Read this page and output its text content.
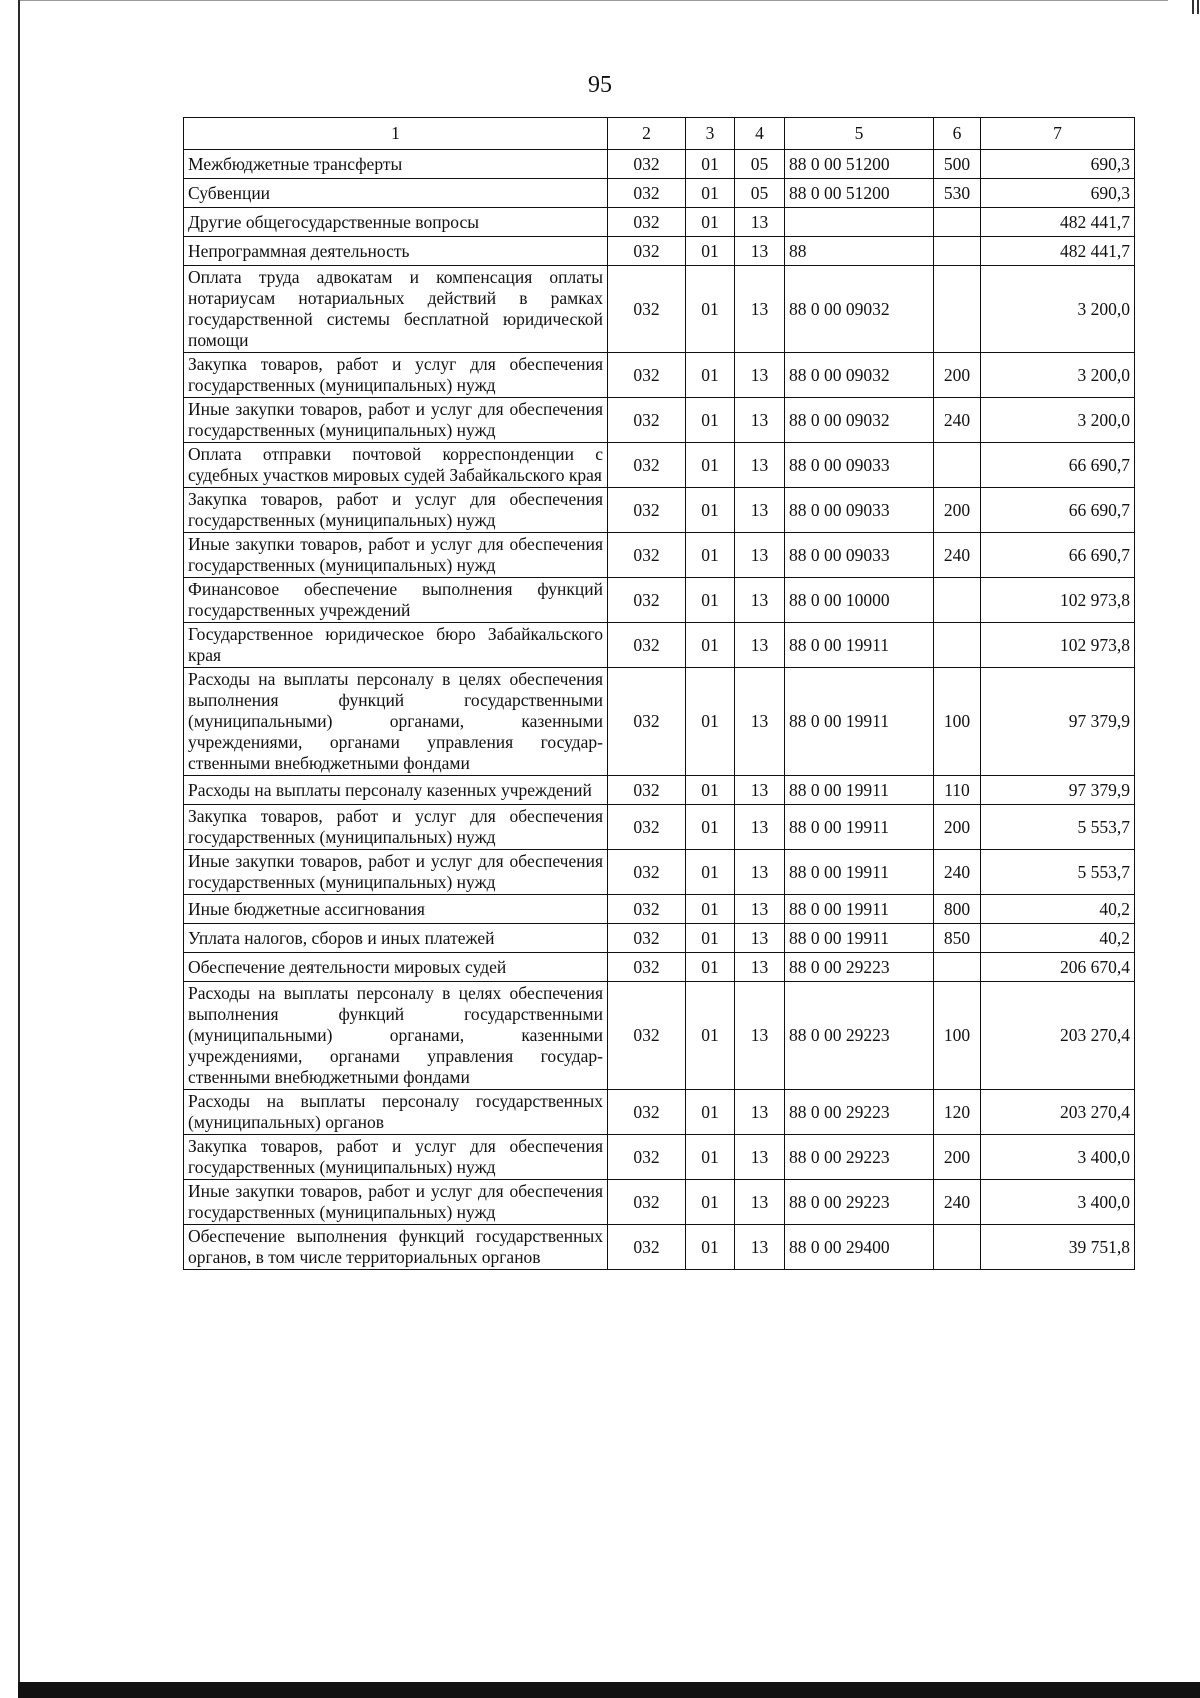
95
1	2	3	4	5	6	7
Межбюджетные трансферты	032	01	05	88 0 00 51200	500	690,3
Субвенции	032	01	05	88 0 00 51200	530	690,3
Другие общегосударственные вопросы	032	01	13			482 441,7
Непрограммная деятельность	032	01	13	88		482 441,7
Оплата труда адвокатам и компенсация оплаты нотариусам нотариальных действий в рамках государственной системы бесплатной юридической помощи	032	01	13	88 0 00 09032		3 200,0
Закупка товаров, работ и услуг для обеспечения государственных (муниципальных) нужд	032	01	13	88 0 00 09032	200	3 200,0
Иные закупки товаров, работ и услуг для обеспечения государственных (муниципальных) нужд	032	01	13	88 0 00 09032	240	3 200,0
Оплата отправки почтовой корреспонденции с судебных участков мировых судей Забайкальского края	032	01	13	88 0 00 09033		66 690,7
Закупка товаров, работ и услуг для обеспечения государственных (муниципальных) нужд	032	01	13	88 0 00 09033	200	66 690,7
Иные закупки товаров, работ и услуг для обеспечения государственных (муниципальных) нужд	032	01	13	88 0 00 09033	240	66 690,7
Финансовое обеспечение выполнения функций государственных учреждений	032	01	13	88 0 00 10000		102 973,8
Государственное юридическое бюро Забайкальского края	032	01	13	88 0 00 19911		102 973,8
Расходы на выплаты персоналу в целях обеспечения выполнения функций государственными (муниципальными) органами, казенными учреждениями, органами управления государственными внебюджетными фондами	032	01	13	88 0 00 19911	100	97 379,9
Расходы на выплаты персоналу казенных учреждений	032	01	13	88 0 00 19911	110	97 379,9
Закупка товаров, работ и услуг для обеспечения государственных (муниципальных) нужд	032	01	13	88 0 00 19911	200	5 553,7
Иные закупки товаров, работ и услуг для обеспечения государственных (муниципальных) нужд	032	01	13	88 0 00 19911	240	5 553,7
Иные бюджетные ассигнования	032	01	13	88 0 00 19911	800	40,2
Уплата налогов, сборов и иных платежей	032	01	13	88 0 00 19911	850	40,2
Обеспечение деятельности мировых судей	032	01	13	88 0 00 29223		206 670,4
Расходы на выплаты персоналу в целях обеспечения выполнения функций государственными (муниципальными) органами, казенными учреждениями, органами управления государственными внебюджетными фондами	032	01	13	88 0 00 29223	100	203 270,4
Расходы на выплаты персоналу государственных (муниципальных) органов	032	01	13	88 0 00 29223	120	203 270,4
Закупка товаров, работ и услуг для обеспечения государственных (муниципальных) нужд	032	01	13	88 0 00 29223	200	3 400,0
Иные закупки товаров, работ и услуг для обеспечения государственных (муниципальных) нужд	032	01	13	88 0 00 29223	240	3 400,0
Обеспечение выполнения функций государственных органов, в том числе территориальных органов	032	01	13	88 0 00 29400		39 751,8
